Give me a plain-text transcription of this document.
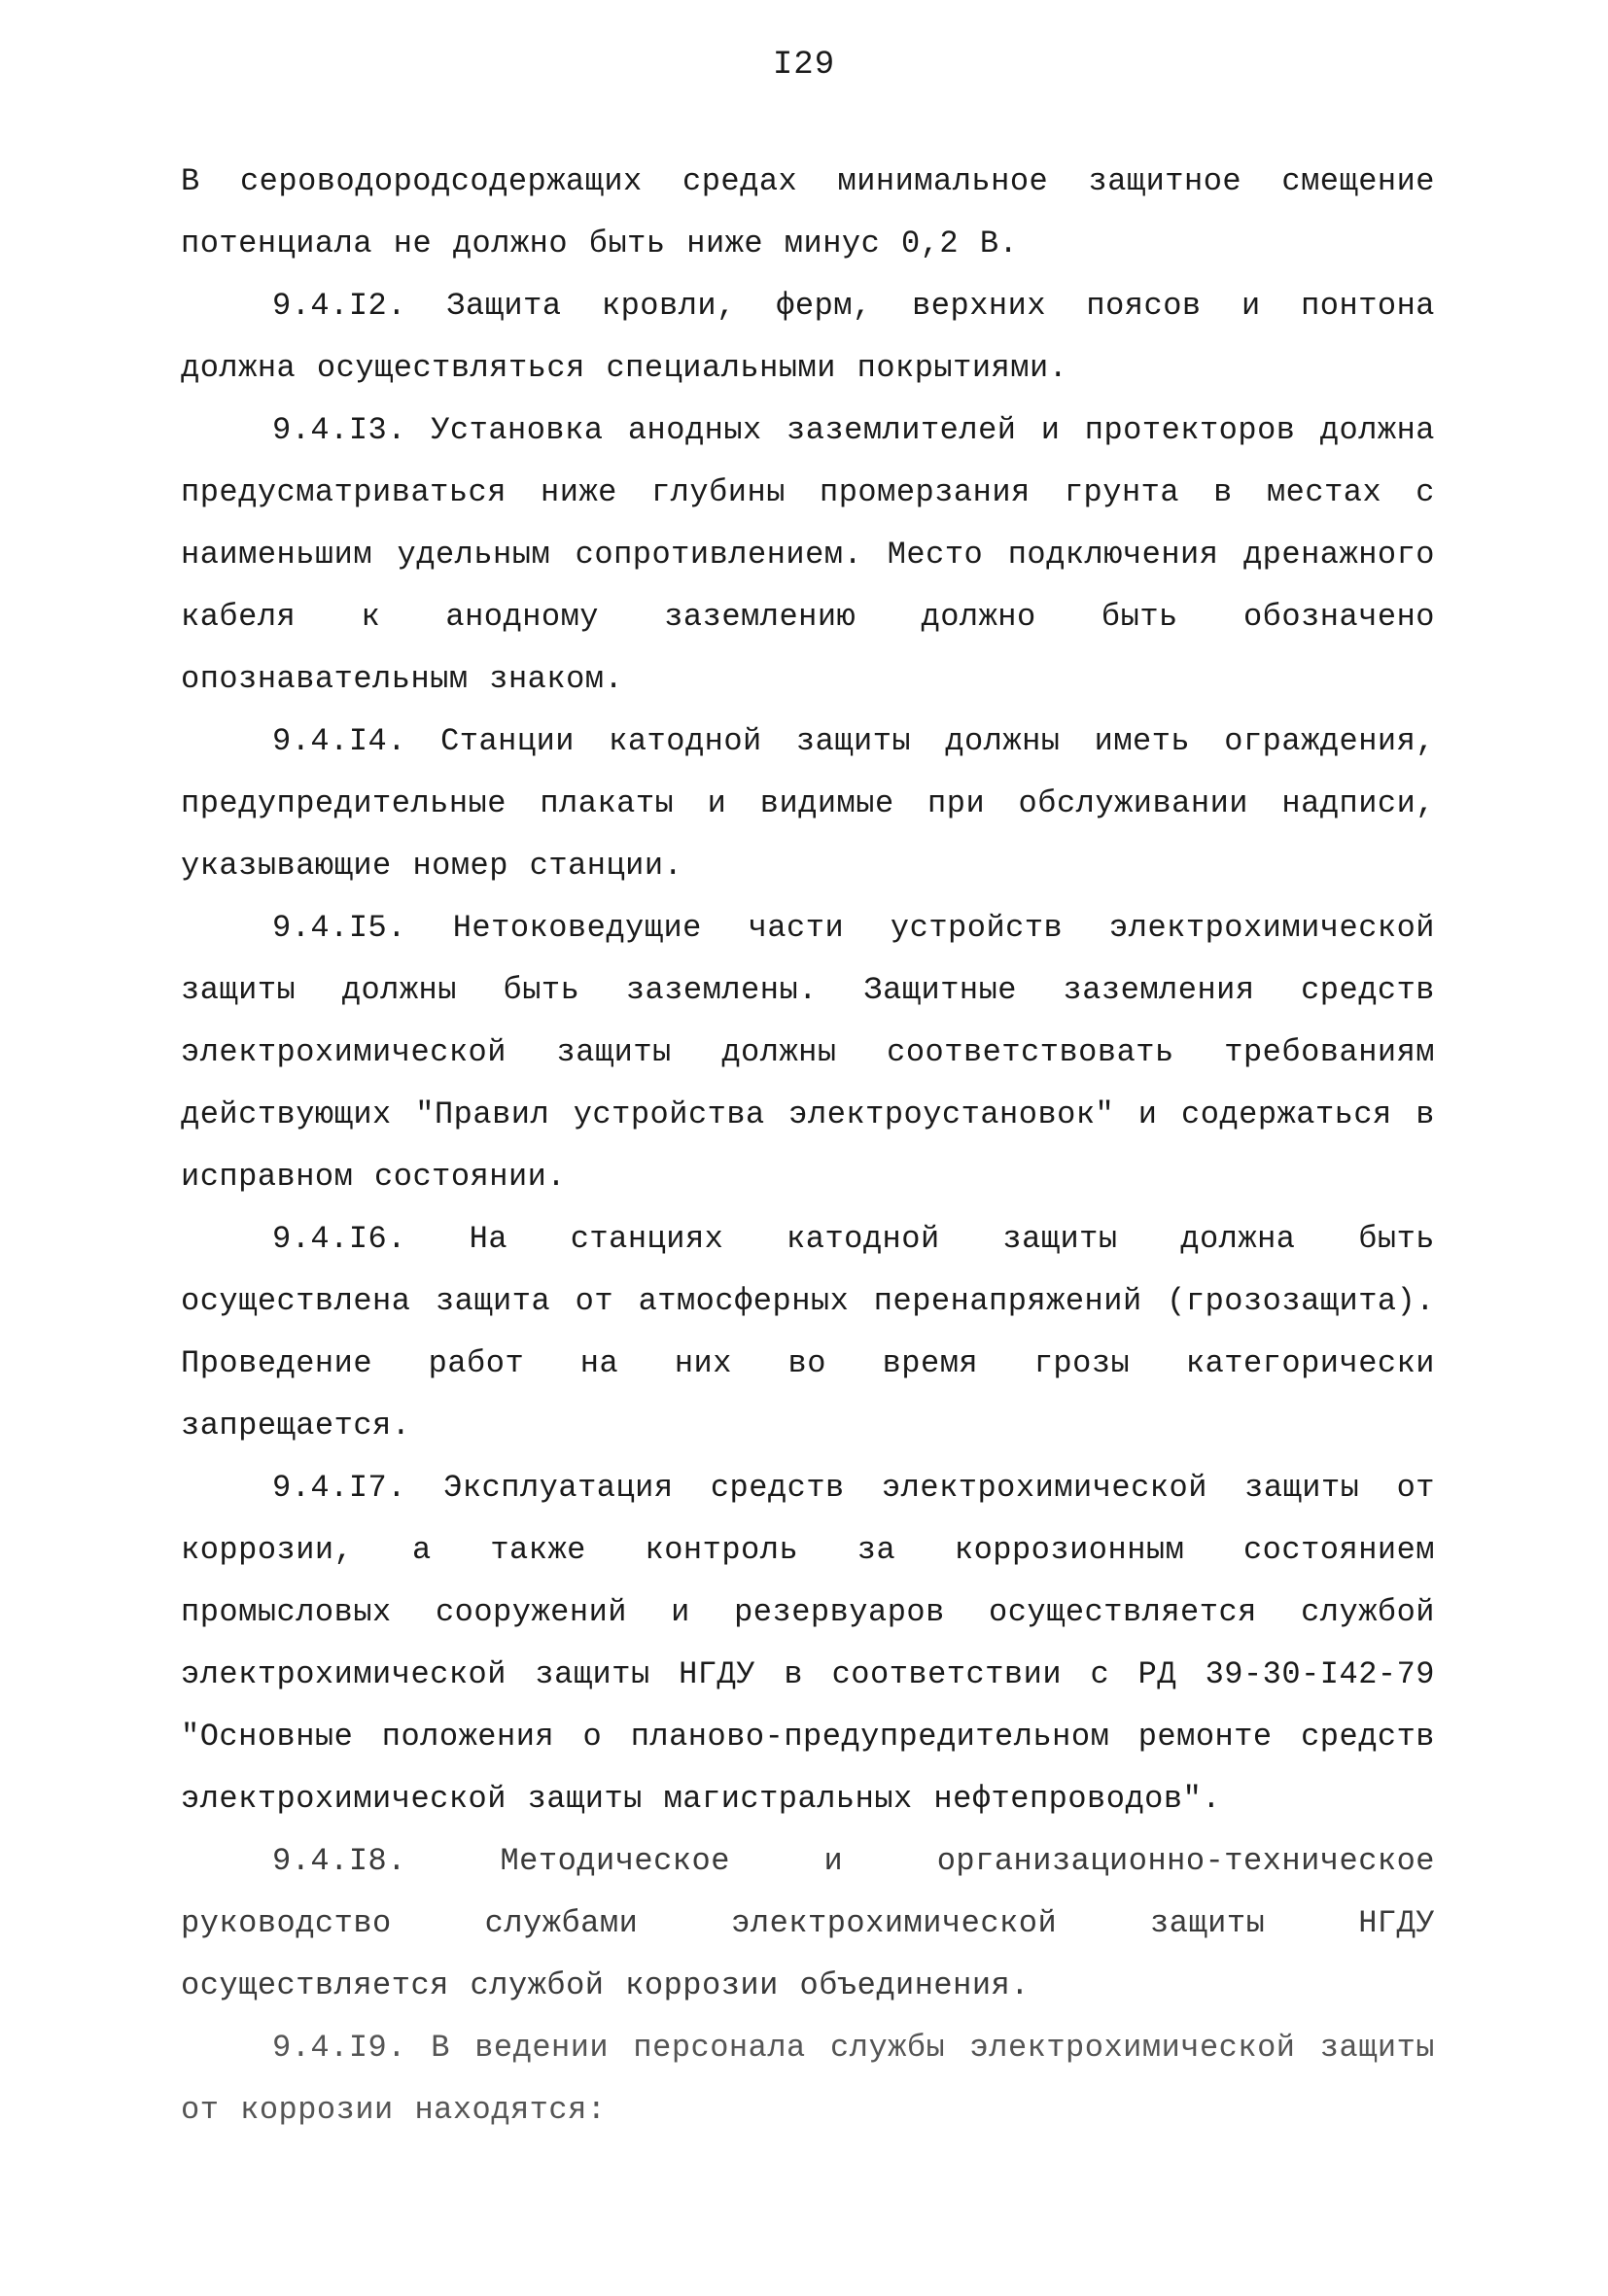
I29

В сероводородсодержащих средах минимальное защитное смещение потенциала не должно быть ниже минус 0,2 В.

9.4.I2. Защита кровли, ферм, верхних поясов и понтона должна осуществляться специальными покрытиями.

9.4.I3. Установка анодных заземлителей и протекторов должна предусматриваться ниже глубины промерзания грунта в местах с наименьшим удельным сопротивлением. Место подключения дренажного кабеля к анодному заземлению должно быть обозначено опознавательным знаком.

9.4.I4. Станции катодной защиты должны иметь ограждения, предупредительные плакаты и видимые при обслуживании надписи, указывающие номер станции.

9.4.I5. Нетоковедущие части устройств электрохимической защиты должны быть заземлены. Защитные заземления средств электрохимической защиты должны соответствовать требованиям действующих "Правил устройства электроустановок" и содержаться в исправном состоянии.

9.4.I6. На станциях катодной защиты должна быть осуществлена защита от атмосферных перенапряжений (грозозащита). Проведение работ на них во время грозы категорически запрещается.

9.4.I7. Эксплуатация средств электрохимической защиты от коррозии, а также контроль за коррозионным состоянием промысловых сооружений и резервуаров осуществляется службой электрохимической защиты НГДУ в соответствии с РД 39-30-I42-79 "Основные положения о планово-предупредительном ремонте средств электрохимической защиты магистральных нефтепроводов".

9.4.I8. Методическое и организационно-техническое руководство службами электрохимической защиты НГДУ осуществляется службой коррозии объединения.

9.4.I9. В ведении персонала службы электрохимической защиты от коррозии находятся:
